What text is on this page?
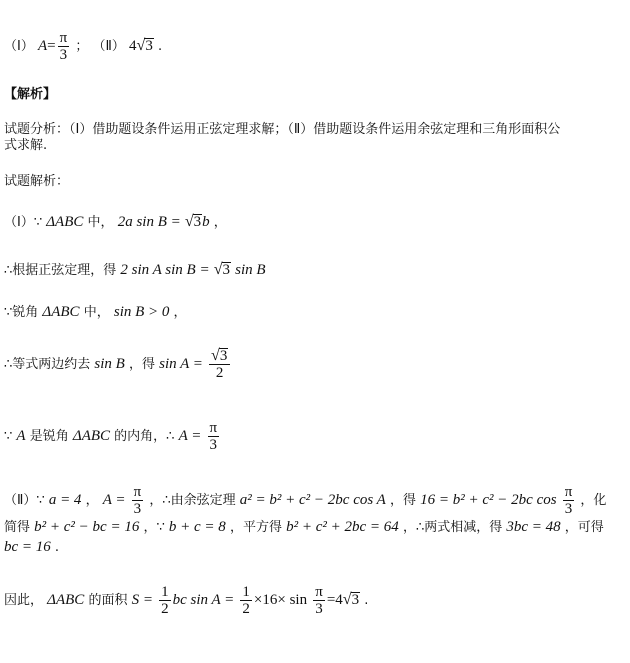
（Ⅰ） $A= \frac{\pi}{3}$ ； （Ⅱ） 4√3 .
【解析】
试题分析：（Ⅰ）借助题设条件运用正弦定理求解；（Ⅱ）借助题设条件运用余弦定理和三角形面积公
式求解.
试题解析：
（Ⅰ）∵ ΔABC 中， 2a sin B = √3b ，
∴根据正弦定理，得 2 sin A sin B = √3 sin B
∵锐角 ΔABC 中， sin B > 0 ，
∴等式两边约去 sin B ，得 $\sin A = \frac{√3}{2}$
∵ A 是锐角 ΔABC 的内角，∴ $A = \frac{\pi}{3}$
（Ⅱ）∵ a = 4 ， $A = \frac{\pi}{3}$ ，∴由余弦定理 a² = b² + c² − 2bc cos A ，得 16 = b² + c² − 2bc $\cos \frac{\pi}{3}$ ，化
简得 b² + c² − bc = 16 ，∵ b + c = 8 ，平方得 b² + c² + 2bc = 64 ，∴两式相减，得 3bc = 48 ，可得
bc = 16 .
因此， ΔABC 的面积 $S = \frac{1}{2}$ bc $\sin A = \frac{1}{2} \times 16\times \sin \frac{\pi}{3} =4√3$ .
